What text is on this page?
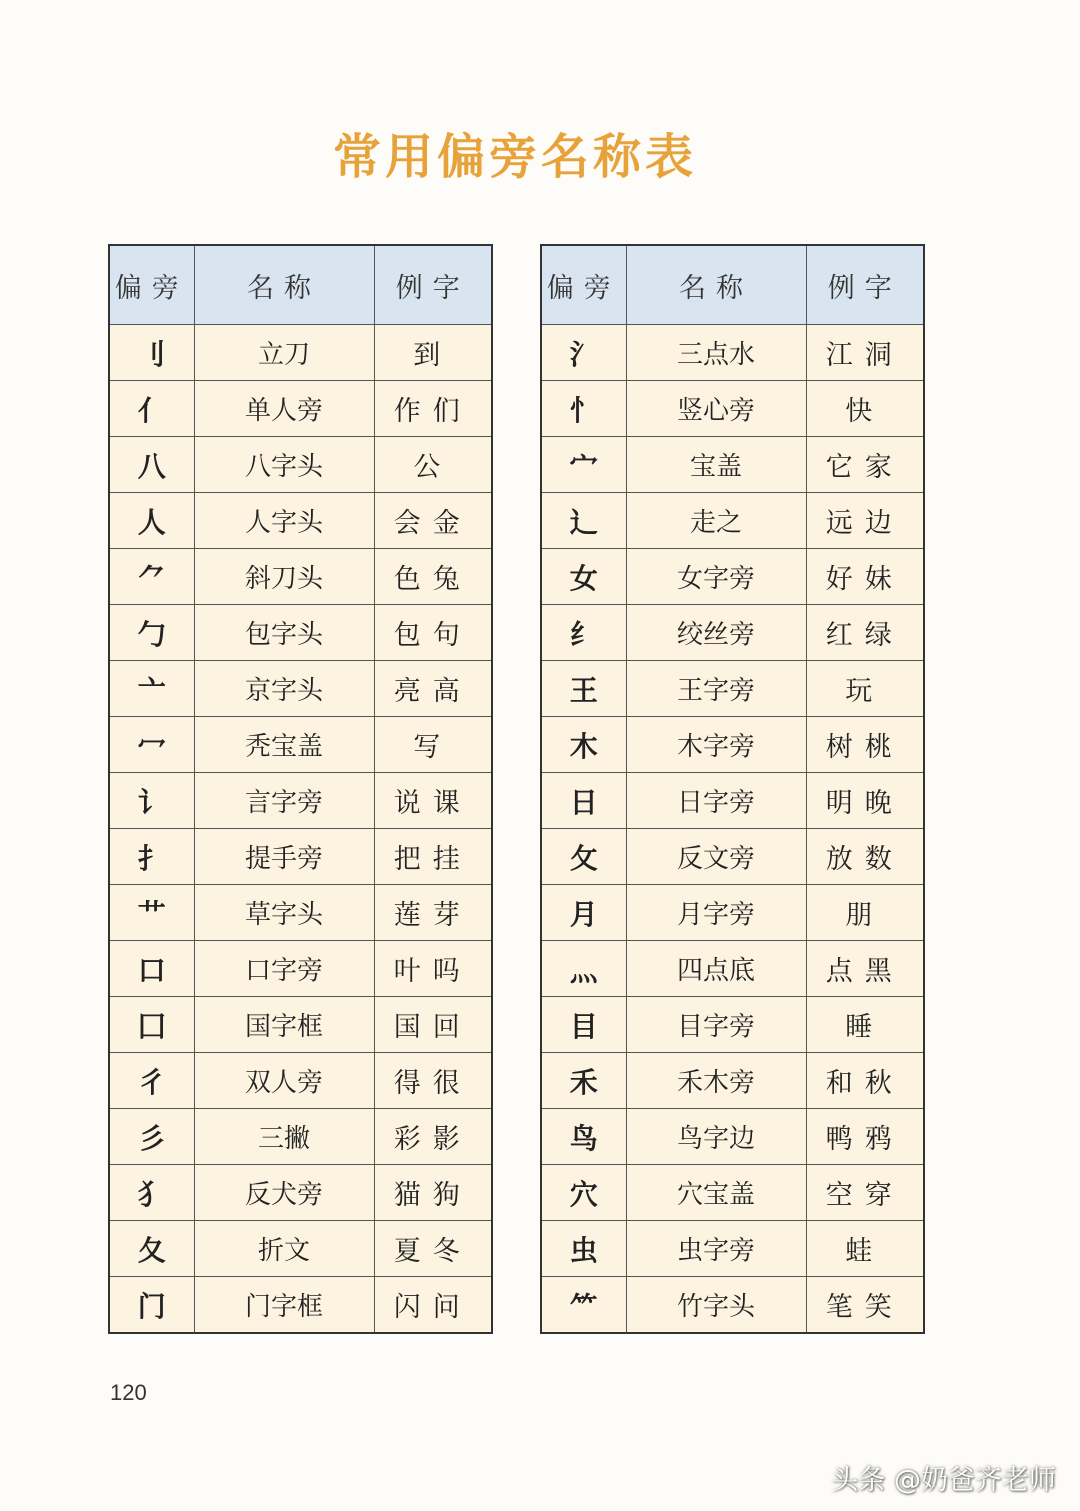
常用偏旁名称表
偏旁	名称	例字
刂	立刀	到
亻	单人旁	作们
八	八字头	公
人	人字头	会金
⺈	斜刀头	色兔
勹	包字头	包句
亠	京字头	亮高
冖	秃宝盖	写
讠	言字旁	说课
扌	提手旁	把挂
艹	草字头	莲芽
口	口字旁	叶吗
囗	国字框	国回
彳	双人旁	得很
彡	三撇	彩影
犭	反犬旁	猫狗
夂	折文	夏冬
门	门字框	闪问
偏旁	名称	例字
氵	三点水	江洞
忄	竖心旁	快
宀	宝盖	它家
辶	走之	远边
女	女字旁	好妹
纟	绞丝旁	红绿
王	王字旁	玩
木	木字旁	树桃
日	日字旁	明晚
攵	反文旁	放数
月	月字旁	朋
灬	四点底	点黑
目	目字旁	睡
禾	禾木旁	和秋
鸟	鸟字边	鸭鸦
穴	穴宝盖	空穿
虫	虫字旁	蛙
⺮	竹字头	笔笑
120
头条 @奶爸齐老师
